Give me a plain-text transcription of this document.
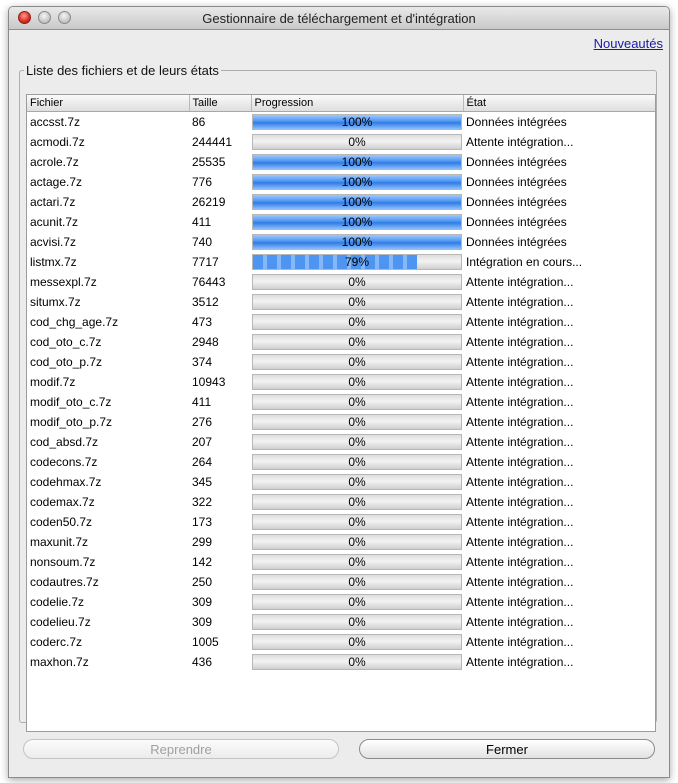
Gestionnaire de téléchargement et d'intégration
Nouveautés
Liste des fichiers et de leurs états
Fichier	Taille	Progression	État
accsst.7z	86	100%	Données intégrées
acmodi.7z	244441	0%	Attente intégration...
acrole.7z	25535	100%	Données intégrées
actage.7z	776	100%	Données intégrées
actari.7z	26219	100%	Données intégrées
acunit.7z	411	100%	Données intégrées
acvisi.7z	740	100%	Données intégrées
listmx.7z	7717	79%	Intégration en cours...
messexpl.7z	76443	0%	Attente intégration...
situmx.7z	3512	0%	Attente intégration...
cod_chg_age.7z	473	0%	Attente intégration...
cod_oto_c.7z	2948	0%	Attente intégration...
cod_oto_p.7z	374	0%	Attente intégration...
modif.7z	10943	0%	Attente intégration...
modif_oto_c.7z	411	0%	Attente intégration...
modif_oto_p.7z	276	0%	Attente intégration...
cod_absd.7z	207	0%	Attente intégration...
codecons.7z	264	0%	Attente intégration...
codehmax.7z	345	0%	Attente intégration...
codemax.7z	322	0%	Attente intégration...
coden50.7z	173	0%	Attente intégration...
maxunit.7z	299	0%	Attente intégration...
nonsoum.7z	142	0%	Attente intégration...
codautres.7z	250	0%	Attente intégration...
codelie.7z	309	0%	Attente intégration...
codelieu.7z	309	0%	Attente intégration...
coderc.7z	1005	0%	Attente intégration...
maxhon.7z	436	0%	Attente intégration...
Reprendre	Fermer
